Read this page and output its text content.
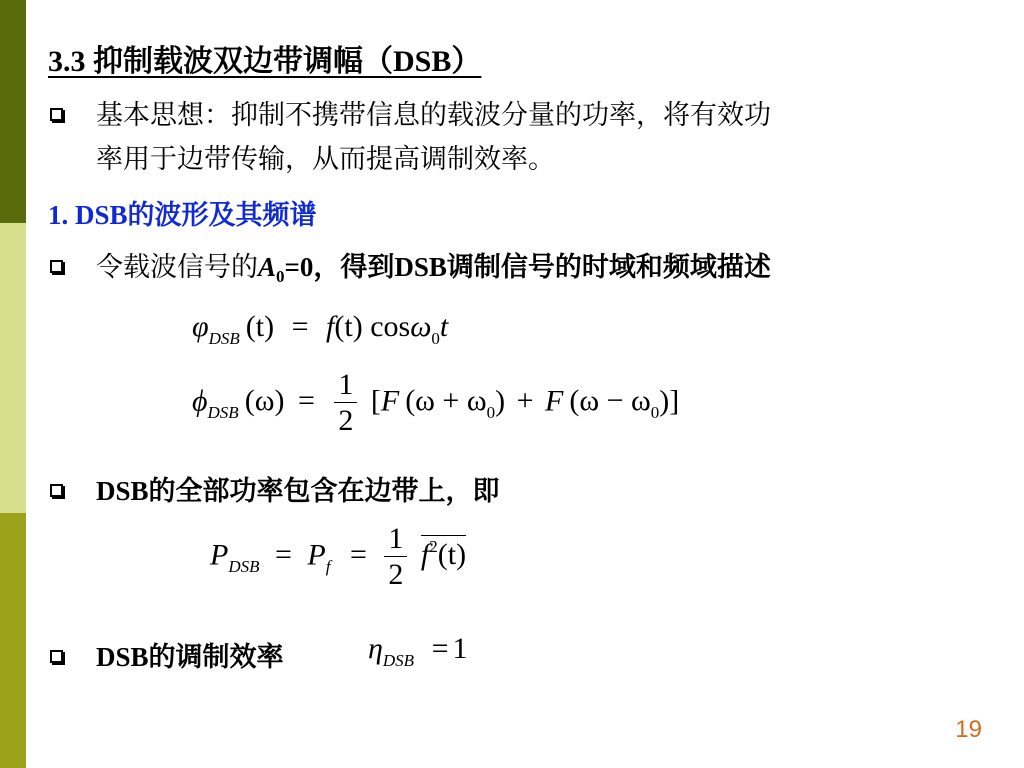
3.3 抑制载波双边带调幅（DSB）
基本思想：抑制不携带信息的载波分量的功率，将有效功
率用于边带传输，从而提高调制效率。
1. DSB的波形及其频谱
令载波信号的$A_0=0$，得到DSB调制信号的时域和频域描述
$\varphi_{DSB}$ (t) = f(t) cosω$_0$t
$\phi_{DSB}$ $(\omega) = \frac{1}{2} [F$ $(\omega + \omega_0) + F$ $(\omega - \omega_0)$]
DSB的全部功率包含在边带上，即
$P_{DSB} = P_f = \frac{1}{2} f^2(t)$
DSB的调制效率	$\eta_{DSB} = 1$
19
